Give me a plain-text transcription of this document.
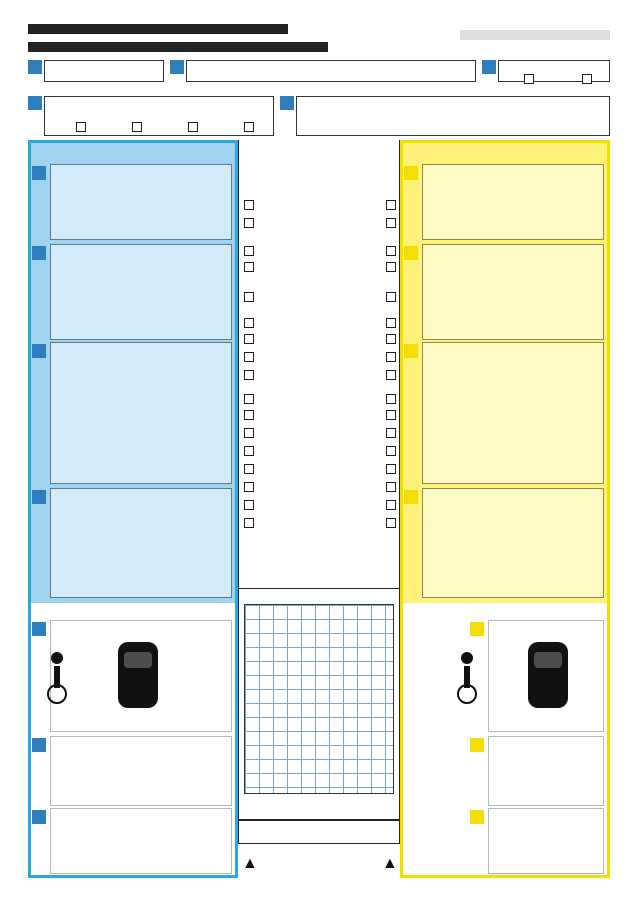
▲	▲
